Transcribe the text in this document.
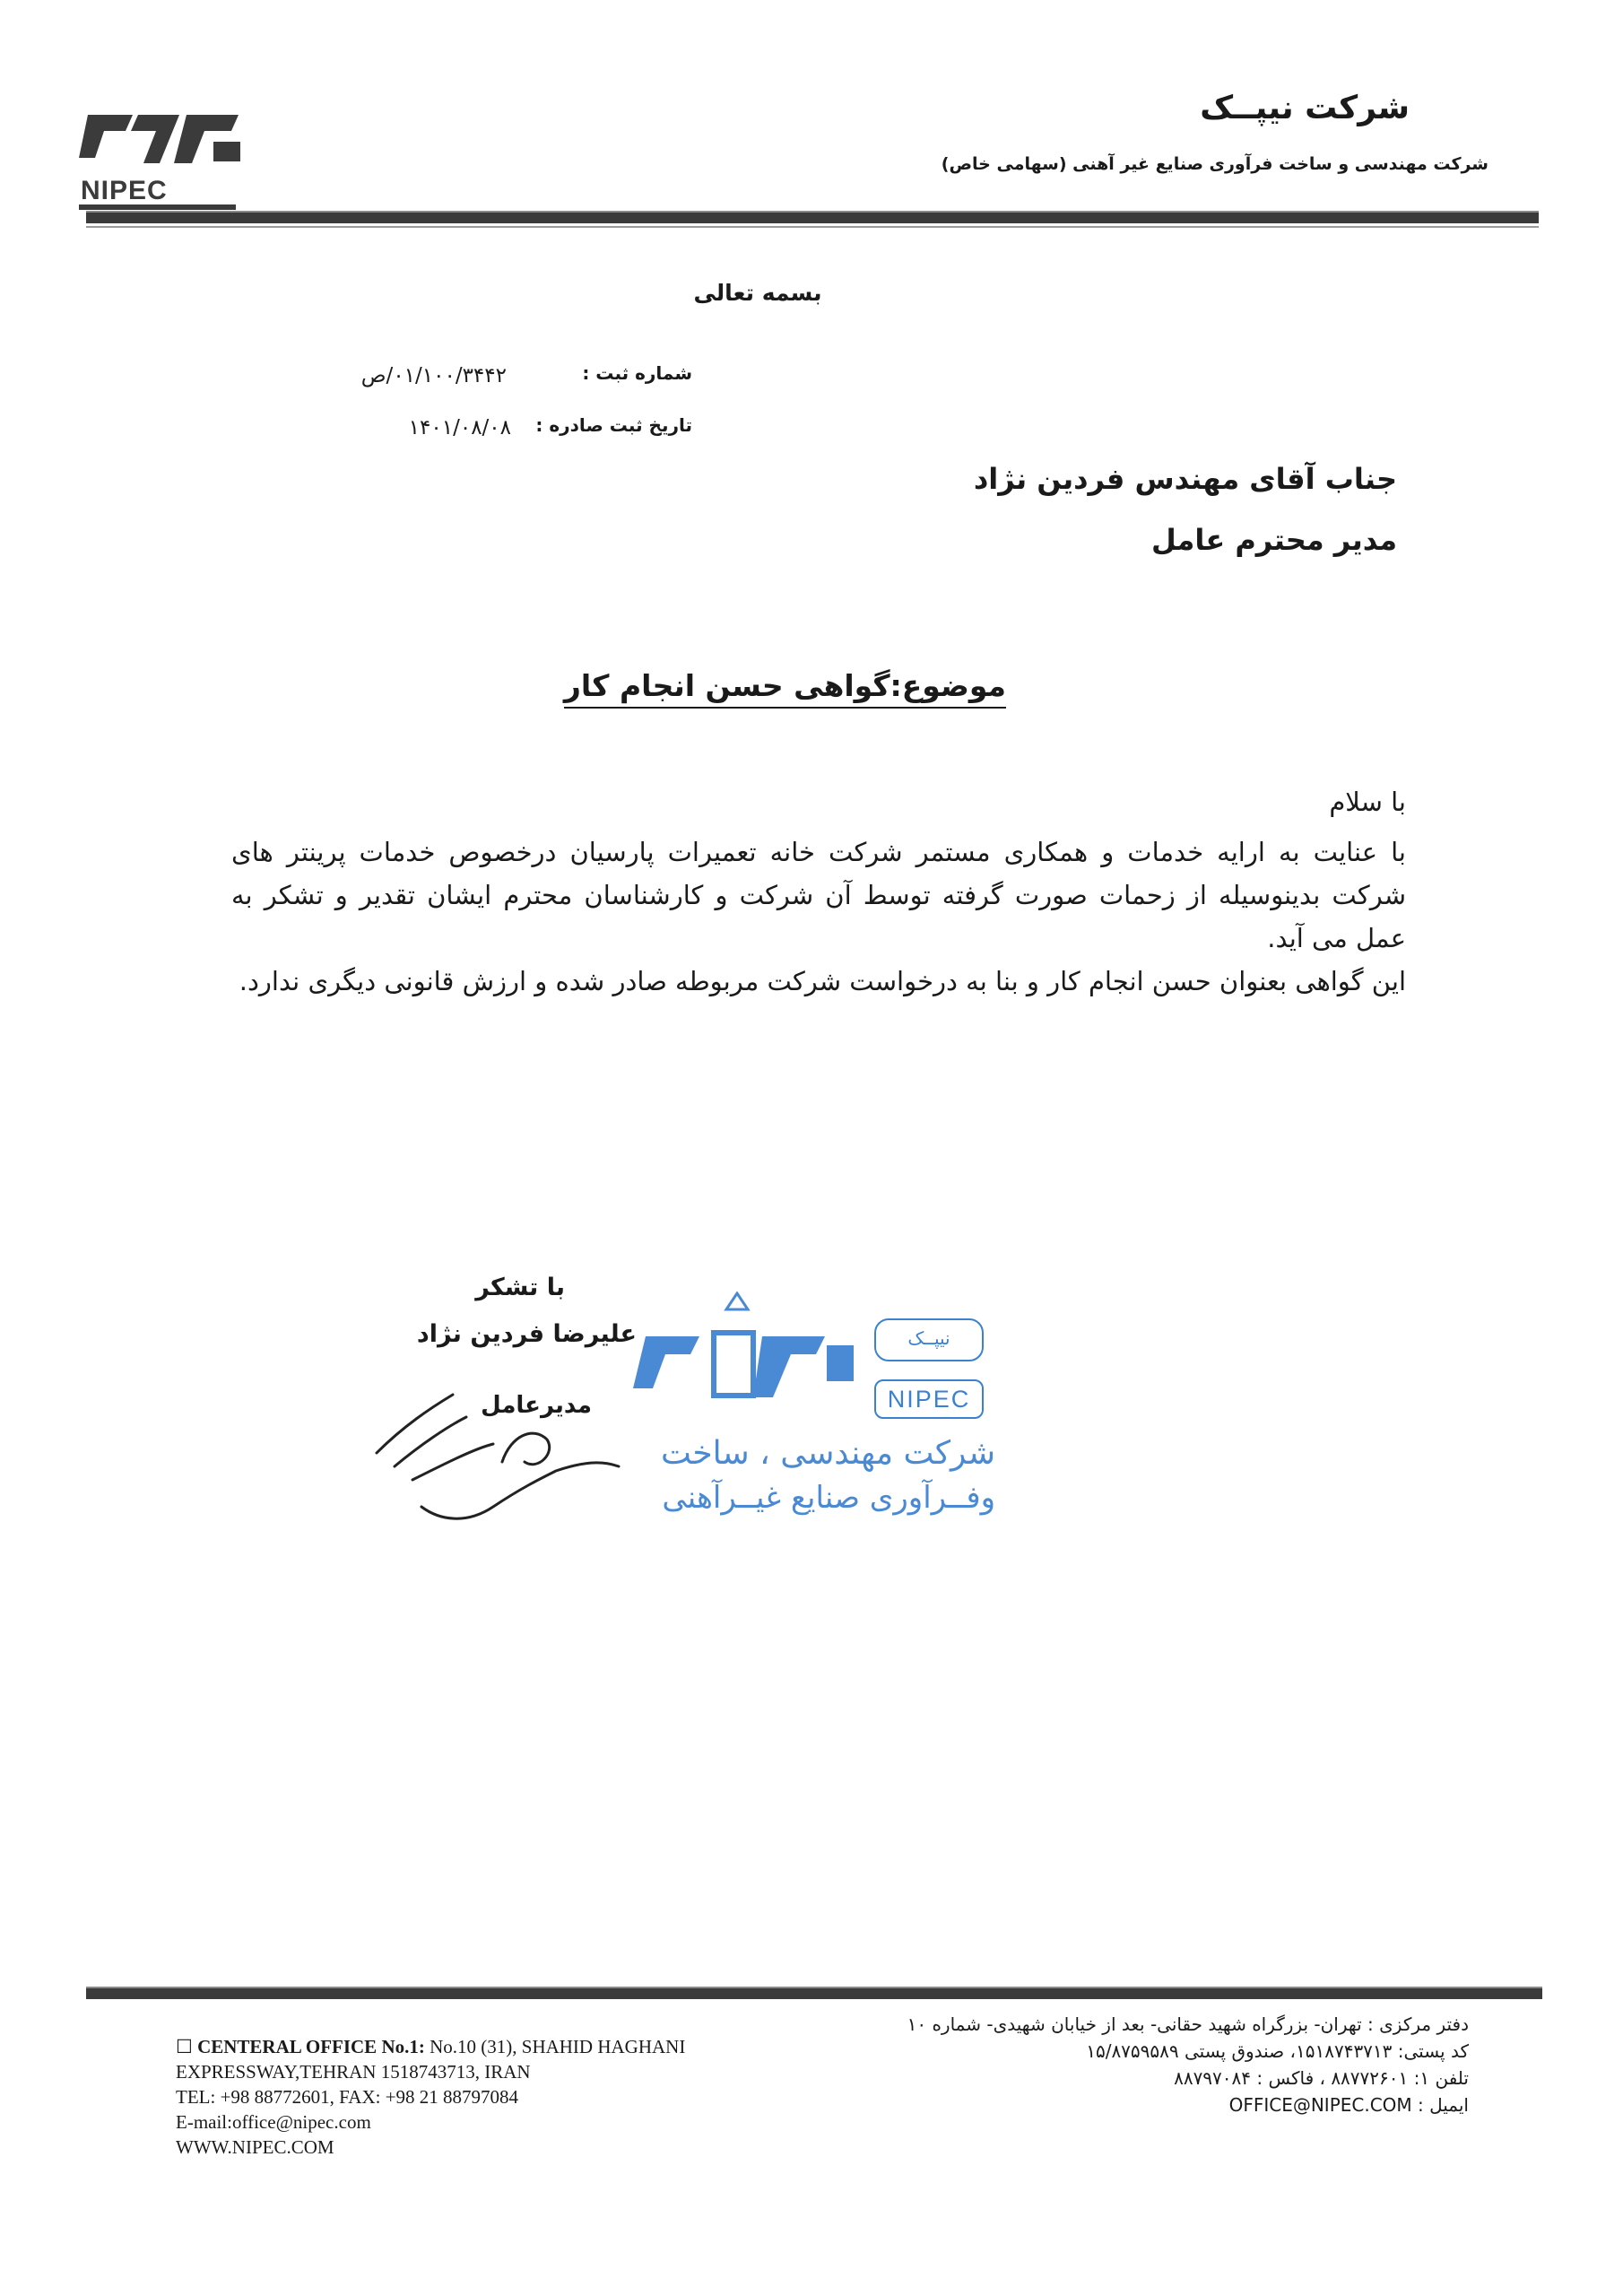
NIPEC
شرکت نیپــک
شرکت مهندسی و ساخت فرآوری صنایع غیر آهنی (سهامی خاص)
بسمه تعالی
شماره ثبت :
۰۱/۱۰۰/۳۴۴۲/ص
تاریخ ثبت صادره :
۱۴۰۱/۰۸/۰۸
جناب آقای مهندس فردین نژاد
مدیر محترم عامل
موضوع:گواهی حسن انجام کار

با سلام

با عنایت به ارایه خدمات و همکاری مستمر شرکت خانه تعمیرات پارسیان درخصوص خدمات پرینتر های شرکت بدینوسیله از زحمات صورت گرفته توسط آن شرکت و کارشناسان محترم ایشان تقدیر و تشکر به عمل می آید.

این گواهی بعنوان حسن انجام کار و بنا به درخواست شرکت مربوطه صادر شده و ارزش قانونی دیگری ندارد.

با تشکر
علیرضا فردین نژاد
مدیرعامل
نیپــک
NIPEC
شرکت مهندسی ، ساخت
وفــرآوری صنایع غیــرآهنی
☐ CENTERAL OFFICE No.1: No.10 (31), SHAHID HAGHANI
EXPRESSWAY,TEHRAN 1518743713, IRAN
TEL: +98 88772601, FAX: +98 21 88797084
E-mail:office@nipec.com
WWW.NIPEC.COM
دفتر مرکزی : تهران- بزرگراه شهید حقانی- بعد از خیابان شهیدی- شماره ۱۰
کد پستی: ۱۵۱۸۷۴۳۷۱۳، صندوق پستی ۱۵/۸۷۵۹۵۸۹
تلفن ۱: ۸۸۷۷۲۶۰۱ ، فاکس : ۸۸۷۹۷۰۸۴
ایمیل : OFFICE@NIPEC.COM
